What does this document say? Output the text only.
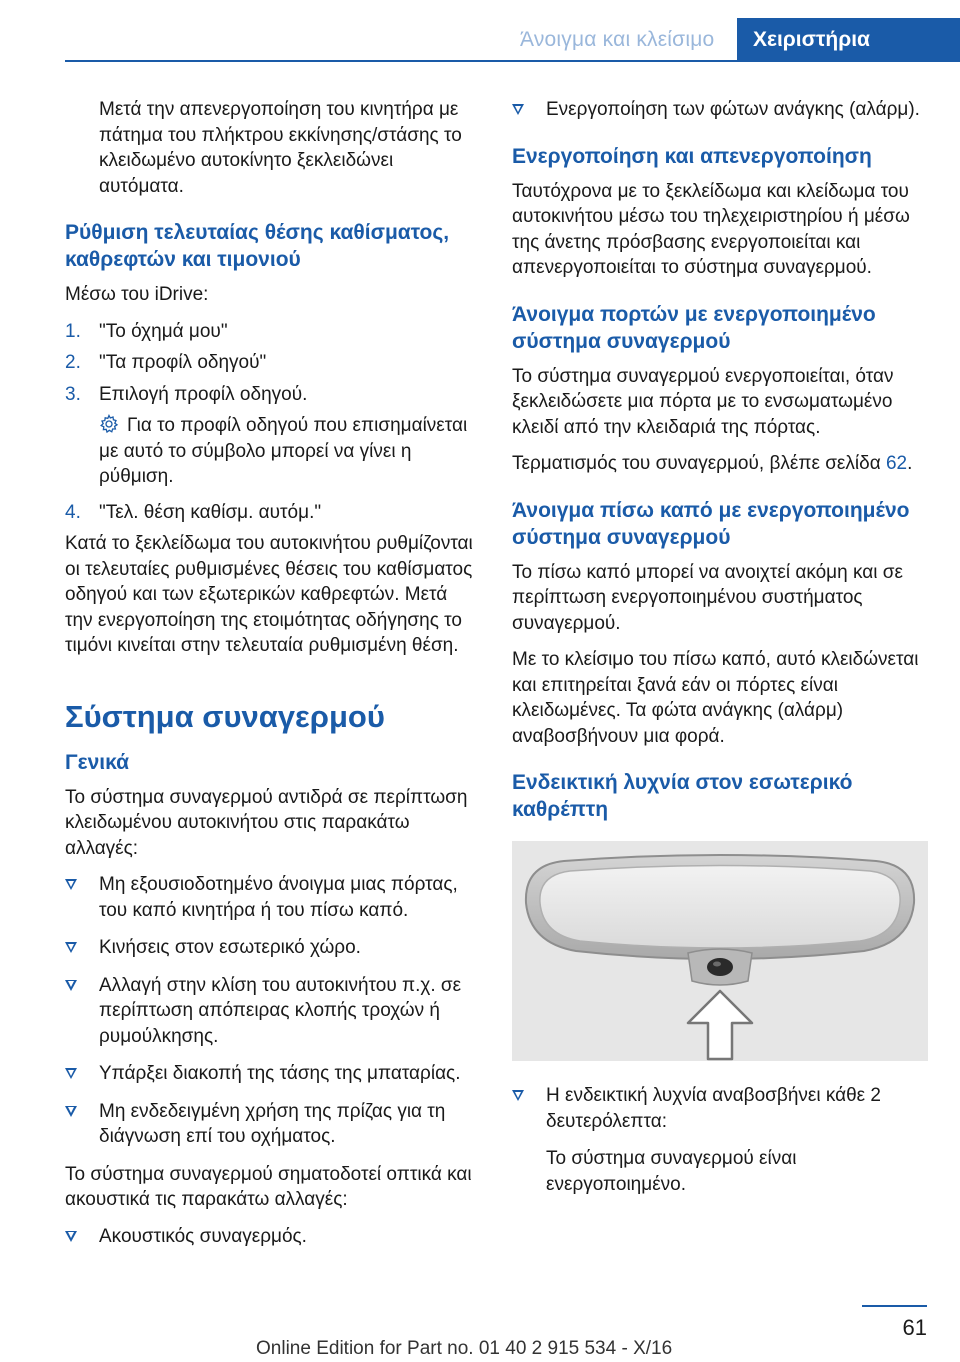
Άνοιγμα και κλείσιμο	Χειριστήρια

Μετά την απενεργοποίηση του κινητήρα με πάτημα του πλήκτρου εκκίνησης/στάσης το κλειδωμένο αυτοκίνητο ξεκλειδώνει αυτόματα.

Ρύθμιση τελευταίας θέσης καθίσματος, καθρεφτών και τιμονιού

Μέσω του iDrive:

1. "Το όχημά μου"
2. "Τα προφίλ οδηγού"
3. Επιλογή προφίλ οδηγού.
Για το προφίλ οδηγού που επισημαίνεται με αυτό το σύμβολο μπορεί να γίνει η ρύθμιση.
4. "Τελ. θέση καθίσμ. αυτόμ."

Κατά το ξεκλείδωμα του αυτοκινήτου ρυθμίζονται οι τελευταίες ρυθμισμένες θέσεις του καθίσματος οδηγού και των εξωτερικών καθρεφτών. Μετά την ενεργοποίηση της ετοιμότητας οδήγησης το τιμόνι κινείται στην τελευταία ρυθμισμένη θέση.

Σύστημα συναγερμού
Γενικά

Το σύστημα συναγερμού αντιδρά σε περίπτωση κλειδωμένου αυτοκινήτου στις παρακάτω αλλαγές:

Μη εξουσιοδοτημένο άνοιγμα μιας πόρτας, του καπό κινητήρα ή του πίσω καπό.
Κινήσεις στον εσωτερικό χώρο.
Αλλαγή στην κλίση του αυτοκινήτου π.χ. σε περίπτωση απόπειρας κλοπής τροχών ή ρυμούλκησης.
Υπάρξει διακοπή της τάσης της μπαταρίας.
Μη ενδεδειγμένη χρήση της πρίζας για τη διάγνωση επί του οχήματος.

Το σύστημα συναγερμού σηματοδοτεί οπτικά και ακουστικά τις παρακάτω αλλαγές:

Ακουστικός συναγερμός.
Ενεργοποίηση των φώτων ανάγκης (αλάρμ).
Ενεργοποίηση και απενεργοποίηση

Ταυτόχρονα με το ξεκλείδωμα και κλείδωμα του αυτοκινήτου μέσω του τηλεχειριστηρίου ή μέσω της άνετης πρόσβασης ενεργοποιείται και απενεργοποιείται το σύστημα συναγερμού.

Άνοιγμα πορτών με ενεργοποιημένο σύστημα συναγερμού

Το σύστημα συναγερμού ενεργοποιείται, όταν ξεκλειδώσετε μια πόρτα με το ενσωματωμένο κλειδί από την κλειδαριά της πόρτας.

Τερματισμός του συναγερμού, βλέπε σελίδα 62.

Άνοιγμα πίσω καπό με ενεργοποιημένο σύστημα συναγερμού

Το πίσω καπό μπορεί να ανοιχτεί ακόμη και σε περίπτωση ενεργοποιημένου συστήματος συναγερμού.

Με το κλείσιμο του πίσω καπό, αυτό κλειδώνεται και επιτηρείται ξανά εάν οι πόρτες είναι κλειδωμένες. Τα φώτα ανάγκης (αλάρμ) αναβοσβήνουν μια φορά.

Ενδεικτική λυχνία στον εσωτερικό καθρέπτη
Η ενδεικτική λυχνία αναβοσβήνει κάθε 2 δευτερόλεπτα:

Το σύστημα συναγερμού είναι ενεργοποιημένο.

61
Online Edition for Part no. 01 40 2 915 534 - X/16
